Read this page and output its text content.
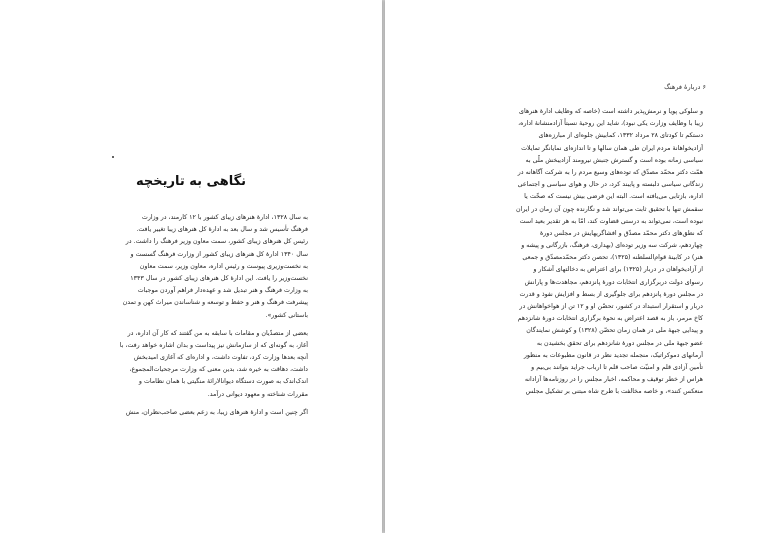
نگاهی به تاریخچه
به سال ۱۳۲۸، ادارۀ هنرهای زیبای کشور با ۱۲ کارمند، در وزارت
فرهنگ تأسیس شد و سال بعد به ادارۀ کل هنرهای زیبا تغییر یافت.
رئیس کل هنرهای زیبای کشور، سمت معاون وزیر فرهنگ را داشت. در
سال ۱۳۴۰ ادارۀ کل هنرهای زیبای کشور از وزارت فرهنگ گسست و
به نخست‌وزیری پیوست و رئیس اداره، معاون وزیر، سمت معاون
نخست‌وزیر را یافت. این ادارۀ کل هنرهای زیبای کشور در سال ۱۳۴۳
به وزارت فرهنگ و هنر تبدیل شد و عهده‌دار فراهم آوردن موجبات
پیشرفت فرهنگ و هنر و حفظ و توسعه و شناساندن میراث کهن و تمدن
باستانی کشور».
بعضی از متصدّیان و مقامات با سابقه به من گفتند که کار آن اداره، در
آغاز، به گونه‌ای که از سازمانش نیز پیداست و بدان اشاره خواهد رفت، با
آنچه بعدها وزارت کرد، تفاوت داشت، و اداره‌ای که آغازی امیدبخش
داشت، دهاقت به خیره شد، بدین معنی که وزارت مرجحیات‌المجموع،
اندک‌اندک به صورت دستگاه دیوانالارائۀ منگیتی با همان نظامات و
مقررات شناخته و معهود دیوانی درآمد.
اگر چنین است و ادارۀ هنرهای زیبا، به زعم بعضی صاحب‌نظران، منش
۶ دربارۀ فرهنگ
و سلوکی پویا و نرمش‌پذیر داشته است (خاصه که وظایف ادارۀ هنرهای
زیبا با وظایف وزارت یکی نبود)، شاید این روحیۀ نسبتاً آزادمنشانۀ اداره،
دستکم تا کودتای ۲۸ مرداد ۱۳۳۲، کمابیش جلوه‌ای از مبارزه‌های
آزادیخواهانۀ مردم ایران طی همان سالها و تا اندازه‌ای نمایانگر تمایلات
سیاسی زمانه بوده است و گسترش جنبش نیرومند آزادیبخش ملّی به
همّت دکتر محمّد مصدّق که توده‌های وسیع مردم را به شرکت آگاهانه در
زندگانی سیاسی دلبسته و پایبند کرد، در حال و هوای سیاسی و اجتماعی
اداره، بازتابی می‌یافته است. البته این فرضی بیش نیست که صحّت یا
سقمش تنها با تحقیق ثابت می‌تواند شد و نگارنده چون آن زمان در ایران
نبوده است، نمی‌تواند به درستی قضاوت کند، امّا به هر تقدیر بعید است
که نطق‌های دکتر محمّد مصدّق و افشاگریهایش در مجلس دورۀ
چهاردهم، شرکت سه وزیر توده‌ای (بهداری، فرهنگ، بازرگانی و پیشه و
هنر) در کابینۀ قوام‌السلطنه (۱۳۲۵)، تحصن دکتر محمّدمصدّق و جمعی
از آزادیخواهان در دربار (۱۳۲۵) برای اعتراض به دخالتهای آشکار و
رسوای دولت دربرگزاری انتخابات دورۀ پانزدهم، مجاهدت‌ها و پارانش
در مجلس دورۀ پانزدهم برای جلوگیری از بسط و افزایش نفوذ و قدرت
دربار و استقرار استبداد در کشور، تحصّن او و ۱۲ تن از هواخواهانش در
کاخ مرمر، باز به قصد اعتراض به نحوۀ برگزاری انتخابات دورۀ شانزدهم
و پیدایی جبهۀ ملی در همان زمان تحصّن (۱۳۲۸) و کوشش نمایندگان
عضو جبهۀ ملی در مجلس دورۀ شانزدهم برای تحقق بخشیدن به
آرمانهای دموکراتیک، منجمله تجدید نظر در قانون مطبوعات به منظور
تأمین آزادی قلم و امنیّت صاحب قلم تا ارباب جراید بتوانند بی‌بیم و
هراس از خطر توقیف و محاکمه، اخبار مجلس را در روزنامه‌ها آزادانه
منعکس کنند»، و خاصه مخالفت با طرح شاه مبتنی بر تشکیل مجلس
